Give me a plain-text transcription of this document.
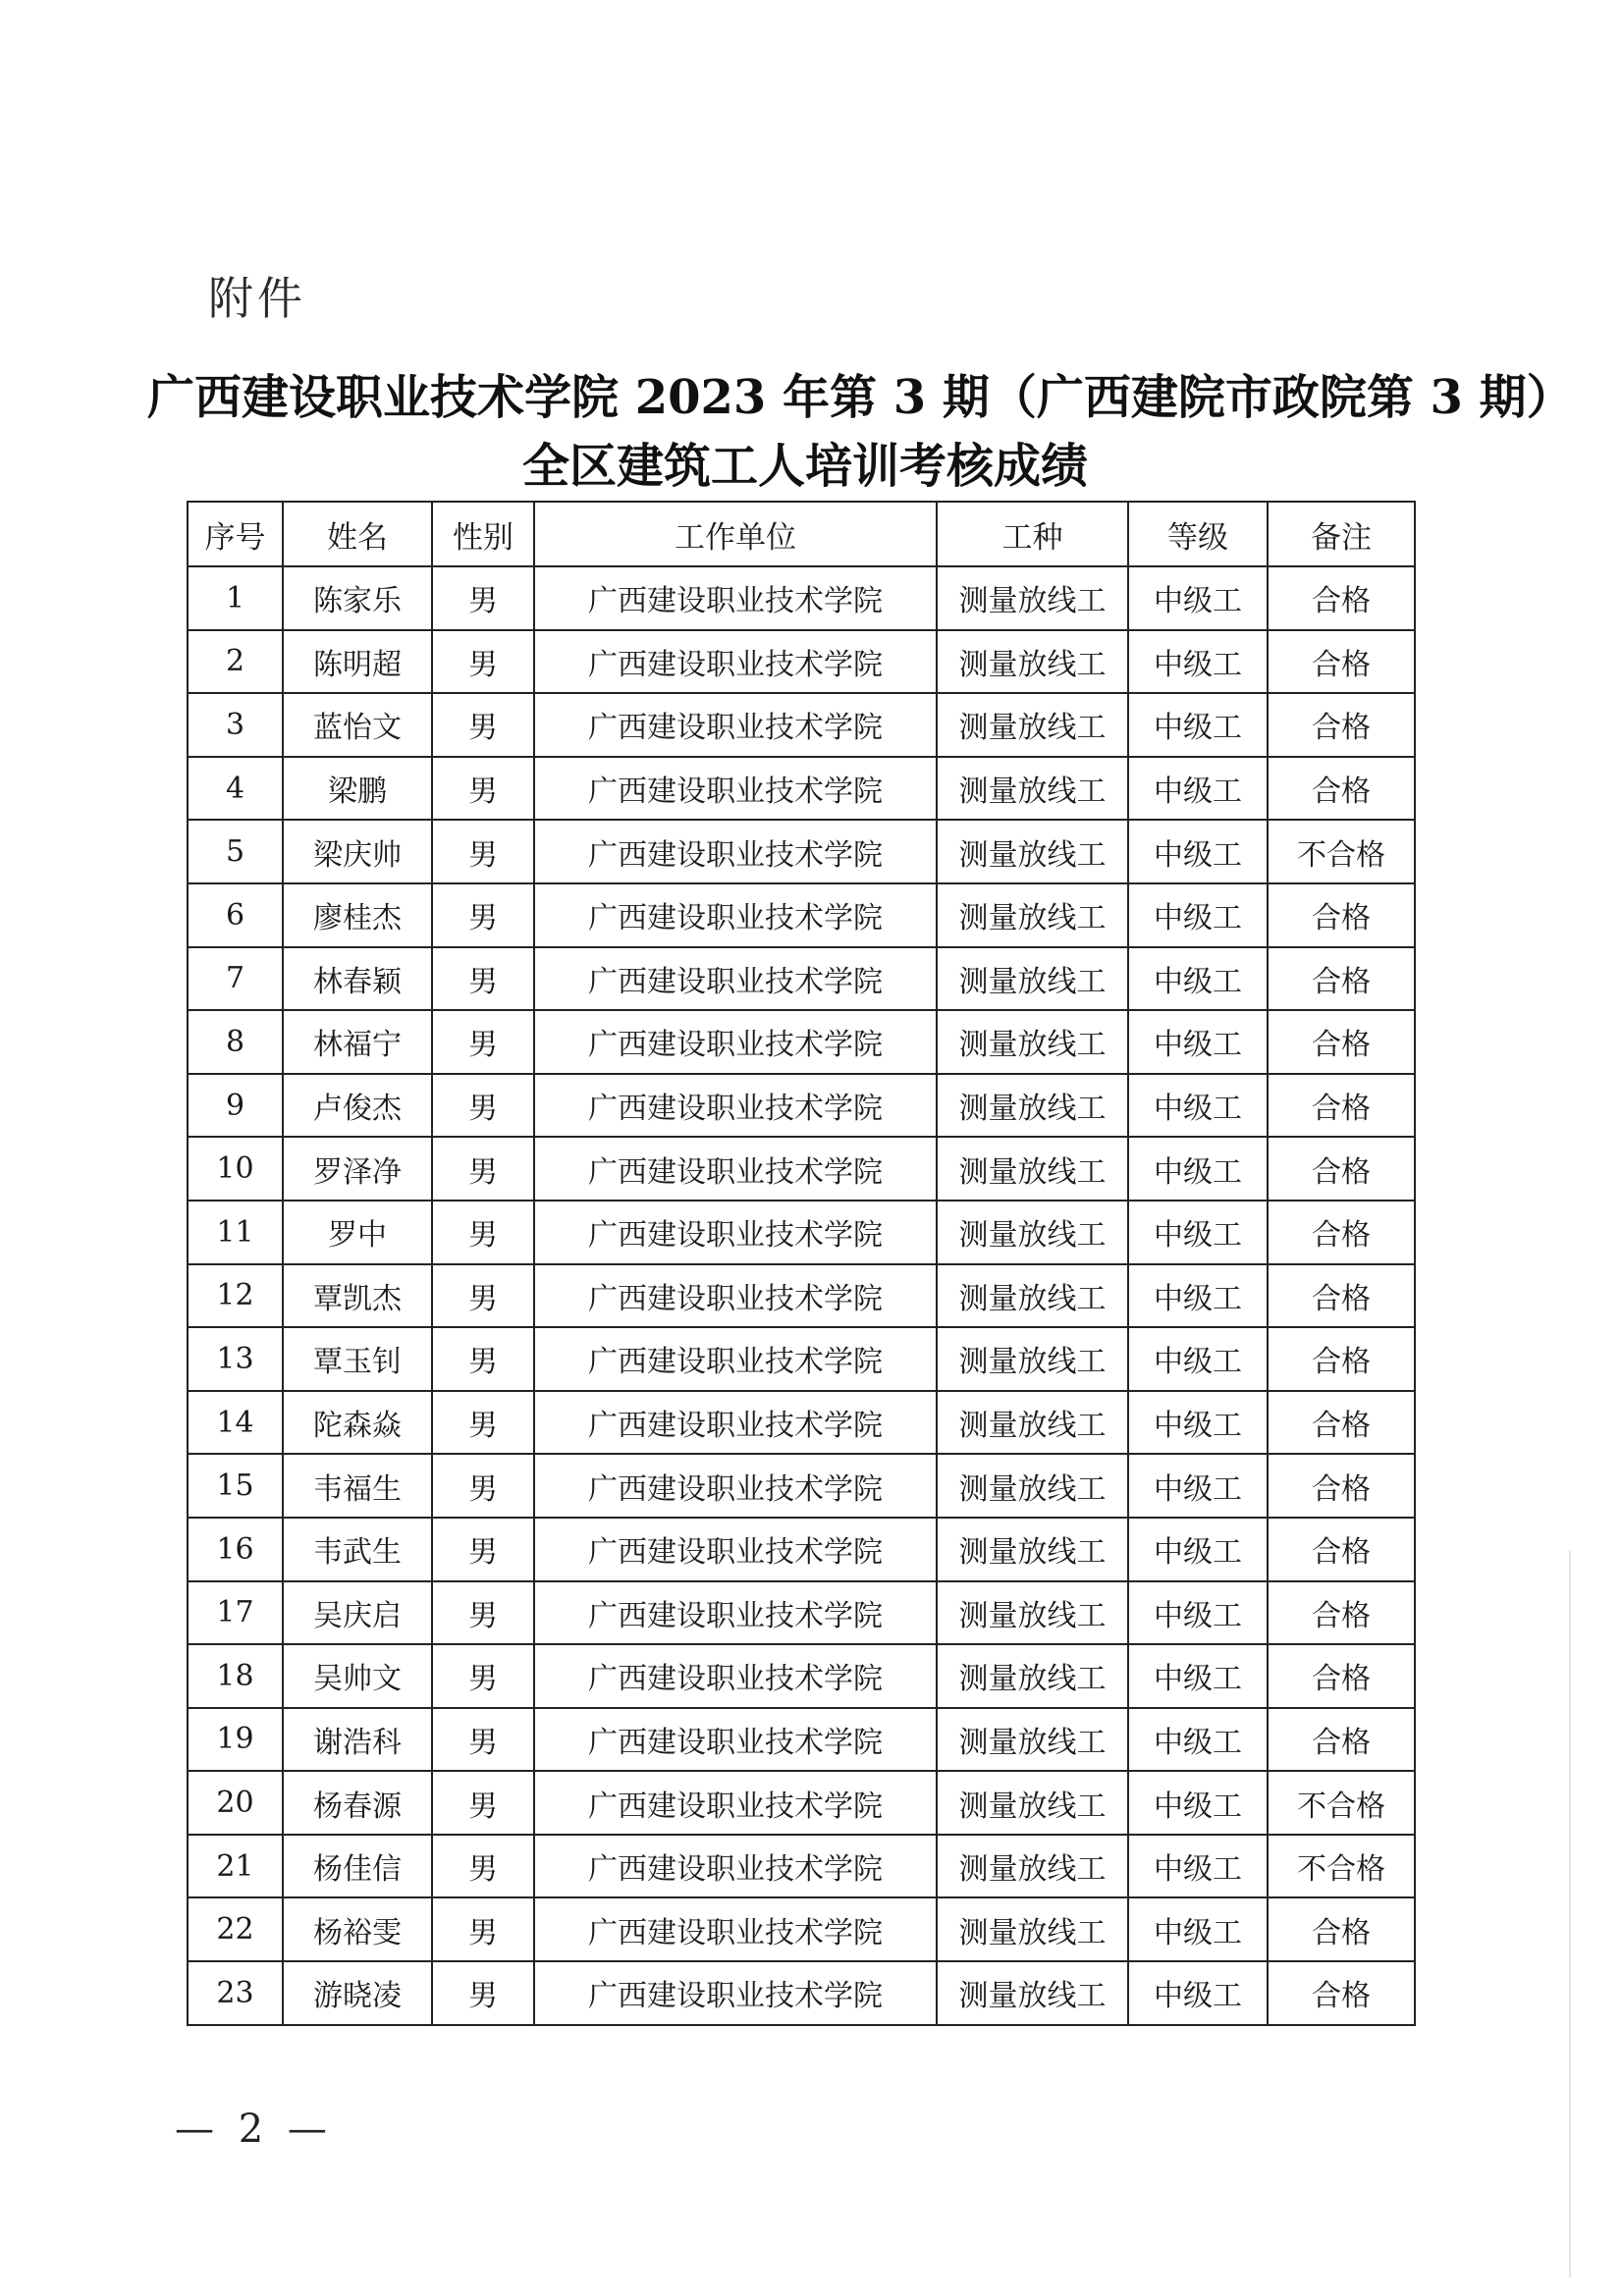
附件
广西建设职业技术学院 2023 年第 3 期（广西建院市政院第 3 期）
全区建筑工人培训考核成绩
序号	姓名	性别	工作单位	工种	等级	备注
1	陈家乐	男	广西建设职业技术学院	测量放线工	中级工	合格
2	陈明超	男	广西建设职业技术学院	测量放线工	中级工	合格
3	蓝怡文	男	广西建设职业技术学院	测量放线工	中级工	合格
4	梁鹏	男	广西建设职业技术学院	测量放线工	中级工	合格
5	梁庆帅	男	广西建设职业技术学院	测量放线工	中级工	不合格
6	廖桂杰	男	广西建设职业技术学院	测量放线工	中级工	合格
7	林春颖	男	广西建设职业技术学院	测量放线工	中级工	合格
8	林福宁	男	广西建设职业技术学院	测量放线工	中级工	合格
9	卢俊杰	男	广西建设职业技术学院	测量放线工	中级工	合格
10	罗泽净	男	广西建设职业技术学院	测量放线工	中级工	合格
11	罗中	男	广西建设职业技术学院	测量放线工	中级工	合格
12	覃凯杰	男	广西建设职业技术学院	测量放线工	中级工	合格
13	覃玉钊	男	广西建设职业技术学院	测量放线工	中级工	合格
14	陀森焱	男	广西建设职业技术学院	测量放线工	中级工	合格
15	韦福生	男	广西建设职业技术学院	测量放线工	中级工	合格
16	韦武生	男	广西建设职业技术学院	测量放线工	中级工	合格
17	吴庆启	男	广西建设职业技术学院	测量放线工	中级工	合格
18	吴帅文	男	广西建设职业技术学院	测量放线工	中级工	合格
19	谢浩科	男	广西建设职业技术学院	测量放线工	中级工	合格
20	杨春源	男	广西建设职业技术学院	测量放线工	中级工	不合格
21	杨佳信	男	广西建设职业技术学院	测量放线工	中级工	不合格
22	杨裕雯	男	广西建设职业技术学院	测量放线工	中级工	合格
23	游晓凌	男	广西建设职业技术学院	测量放线工	中级工	合格
— 2 —
